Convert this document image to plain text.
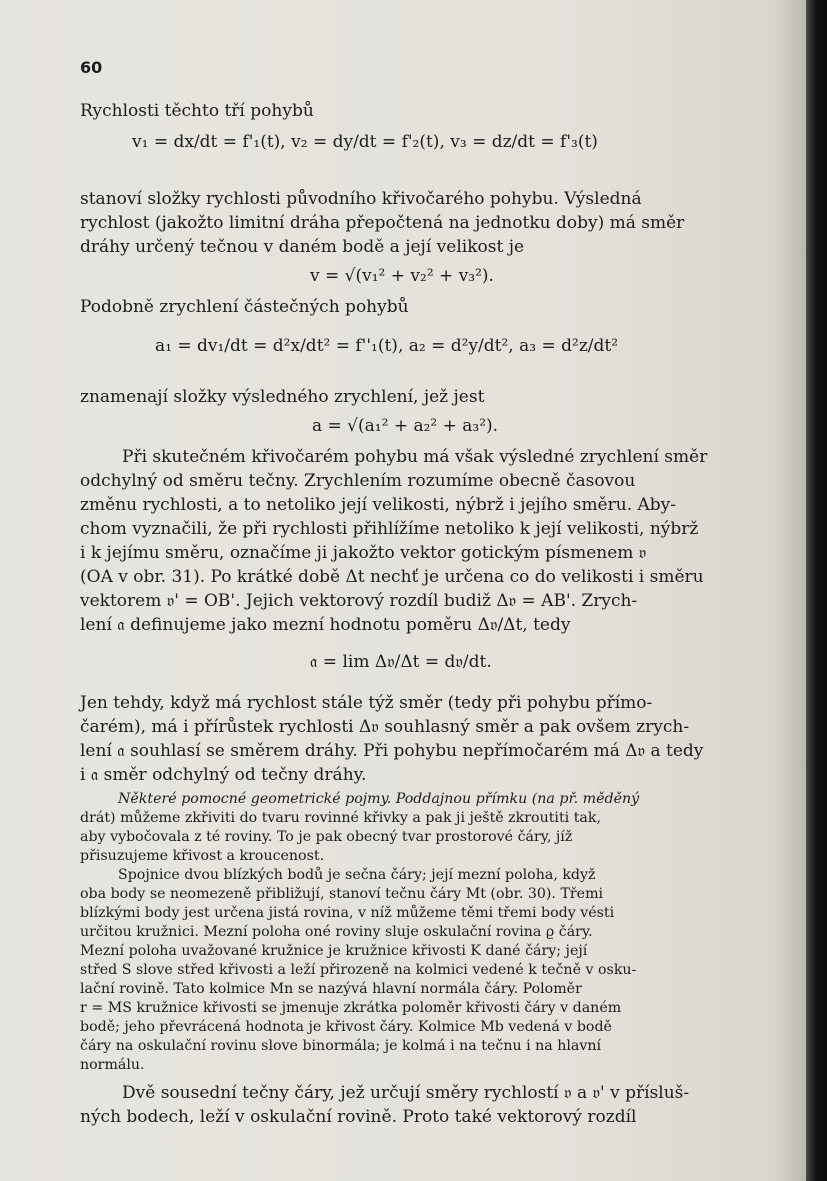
60
Rychlosti těchto tří pohybů
v₁ = dx/dt = f'₁(t), v₂ = dy/dt = f'₂(t), v₃ = dz/dt = f'₃(t)
stanoví složky rychlosti původního křivočarého pohybu. Výsledná
rychlost (jakožto limitní dráha přepočtená na jednotku doby) má směr
dráhy určený tečnou v daném bodě a její velikost je
v = √(v₁² + v₂² + v₃²).
Podobně zrychlení částečných pohybů
a₁ = dv₁/dt = d²x/dt² = f''₁(t), a₂ = d²y/dt², a₃ = d²z/dt²
znamenají složky výsledného zrychlení, jež jest
a = √(a₁² + a₂² + a₃²).
Při skutečném křivočarém pohybu má však výsledné zrychlení směr
odchylný od směru tečny. Zrychlením rozumíme obecně časovou
změnu rychlosti, a to netoliko její velikosti, nýbrž i jejího směru. Aby-
chom vyznačili, že při rychlosti přihlížíme netoliko k její velikosti, nýbrž
i k jejímu směru, označíme ji jakožto vektor gotickým písmenem 𝔳
(OA v obr. 31). Po krátké době Δt nechť je určena co do velikosti i směru
vektorem 𝔳' = OB'. Jejich vektorový rozdíl budiž Δ𝔳 = AB'. Zrych-
lení 𝔞 definujeme jako mezní hodnotu poměru Δ𝔳/Δt, tedy
𝔞 = lim Δ𝔳/Δt = d𝔳/dt.
Jen tehdy, když má rychlost stále týž směr (tedy při pohybu přímo-
čarém), má i přírůstek rychlosti Δ𝔳 souhlasný směr a pak ovšem zrych-
lení 𝔞 souhlasí se směrem dráhy. Při pohybu nepřímočarém má Δ𝔳 a tedy
i 𝔞 směr odchylný od tečny dráhy.
Některé pomocné geometrické pojmy. Poddajnou přímku (na př. měděný
drát) můžeme zkřiviti do tvaru rovinné křivky a pak ji ještě zkroutiti tak,
aby vybočovala z té roviny. To je pak obecný tvar prostorové čáry, jíž
přisuzujeme křivost a kroucenost.
Spojnice dvou blízkých bodů je sečna čáry; její mezní poloha, když
oba body se neomezeně přibližují, stanoví tečnu čáry Mt (obr. 30). Třemi
blízkými body jest určena jistá rovina, v níž můžeme těmi třemi body vésti
určitou kružnici. Mezní poloha oné roviny sluje oskulační rovina ϱ čáry.
Mezní poloha uvažované kružnice je kružnice křivosti K dané čáry; její
střed S slove střed křivosti a leží přirozeně na kolmici vedené k tečně v osku-
lační rovině. Tato kolmice Mn se nazývá hlavní normála čáry. Poloměr
r = MS kružnice křivosti se jmenuje zkrátka poloměr křivosti čáry v daném
bodě; jeho převrácená hodnota je křivost čáry. Kolmice Mb vedená v bodě
čáry na oskulační rovinu slove binormála; je kolmá i na tečnu i na hlavní
normálu.
Dvě sousední tečny čáry, jež určují směry rychlostí 𝔳 a 𝔳' v přísluš-
ných bodech, leží v oskulační rovině. Proto také vektorový rozdíl
